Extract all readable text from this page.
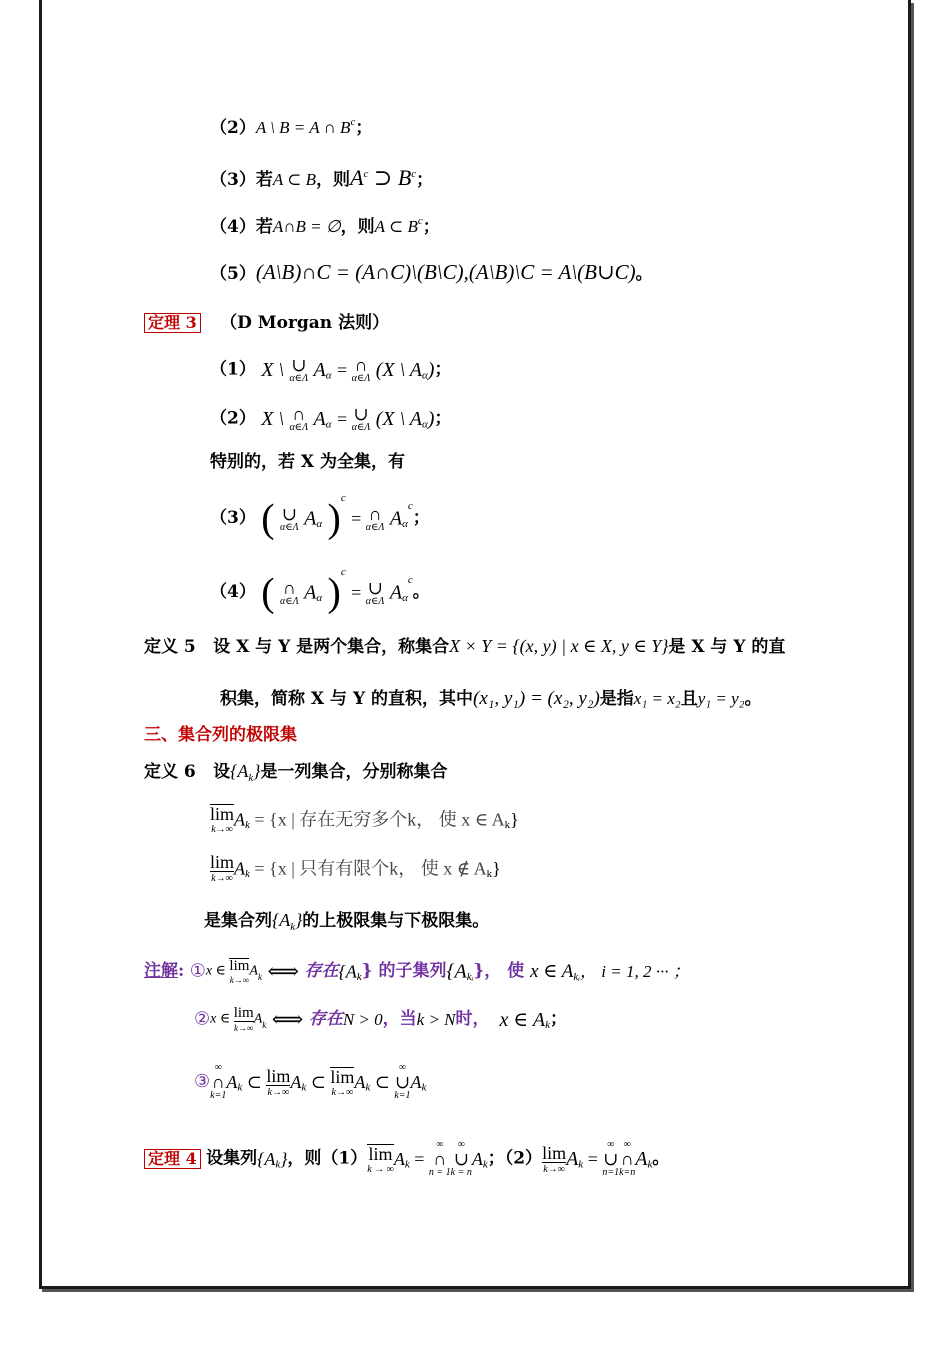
（2）A \ B = A ∩ $B^c$；
（3）若A ⊂ B，则$A^c$ ⊃ $B^c$；
（4）若A∩B = ∅，则A ⊂ $B^c$；
（5）(A\B)∩C = (A∩C)\(B\C),(A\B)\C = A\(B∪C)。
定理 3 （D Morgan 法则）
（1） X \ ∪
α∈Λ $A_\alpha$ = ∩
α∈Λ (X \ $A_\alpha$)；
（2） X \ ∩
α∈Λ $A_\alpha$ = ∪
α∈Λ (X \ $A_\alpha$)；
特别的，若 X 为全集，有
（3） ( ∪
α∈Λ $A_\alpha$ )$^c$ = ∩
α∈Λ $A_\alpha^c$；
（4） ( ∩
α∈Λ $A_\alpha$ )$^c$ = ∪
α∈Λ $A_\alpha^c$。
定义 5 设 X 与 Y 是两个集合，称集合X × Y = {(x, y) | x ∈ X, y ∈ Y}是 X 与 Y 的直
积集，简称 X 与 Y 的直积，其中(x₁, y₁) = (x₂, y₂)是指x₁ = x₂且y₁ = y₂。
三、集合列的极限集
定义 6 设$\{A_k\}$是一列集合，分别称集合
lim
k→∞ $A_k = \{x$ | 存在无穷多个k， 使 x ∈ $A_k$}
lim
k→∞ $A_k = \{x$ | 只有有限个k， 使 x ∉ $A_k$}
是集合列$\{A_k\}$的上极限集与下极限集。
注解: ①x ∈ lim
k→∞
$A_k$ ⟺ 存在$\{A_k\}$ 的子集列$\{A_{kᵢ}\}$， 使 x ∈ $A_{kᵢ}$， i = 1, 2 ··· ；
②x ∈ lim
k→∞
$A_k$ ⟺ 存在N > 0，当k > N时， x ∈ $A_k$；
③
∞
∩
k=1
$A_k$ ⊂ lim
k→∞ $A_k$ ⊂ lim
k→∞ $A_k$ ⊂
∞
∪
k=1
$A_k$
定理 4 设集列$\{A_k\}$，则（1） lim
k → ∞ $A_k$ =
∞
∩
n = 1
∞
∪
k = n
$A_k$；（2） lim
k→∞ $A_k$ =
∞
∪
n=1
∞
∩
k=n
$A_k$。
